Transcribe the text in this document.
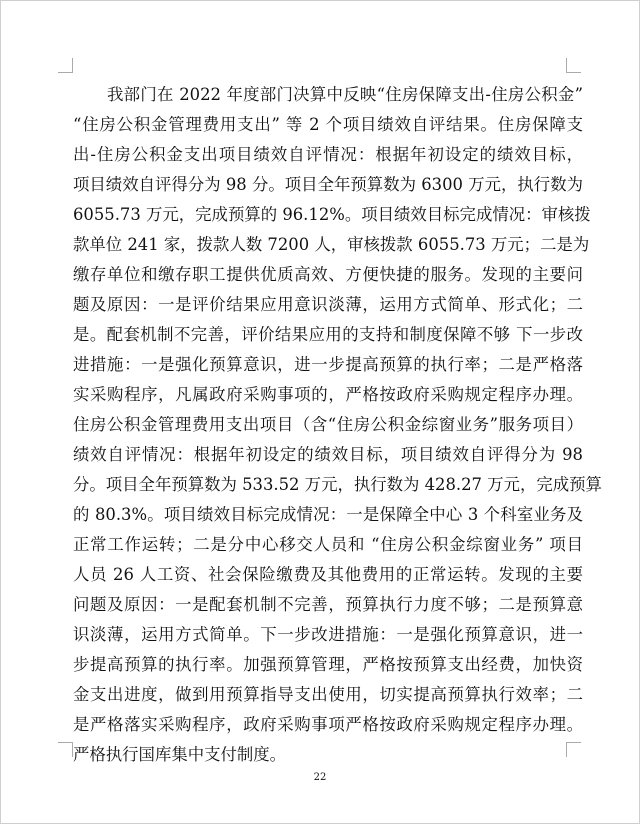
我部门在 2022 年度部门决算中反映“住房保障支出-住房公积金”
“住房公积金管理费用支出” 等 2 个项目绩效自评结果。住房保障支
出-住房公积金支出项目绩效自评情况：根据年初设定的绩效目标，
项目绩效自评得分为 98 分。项目全年预算数为 6300 万元，执行数为
6055.73 万元，完成预算的 96.12%。项目绩效目标完成情况：审核拨
款单位 241 家，拨款人数 7200 人，审核拨款 6055.73 万元；二是为
缴存单位和缴存职工提供优质高效、方便快捷的服务。发现的主要问
题及原因：一是评价结果应用意识淡薄，运用方式简单、形式化；二
是。配套机制不完善，评价结果应用的支持和制度保障不够 下一步改
进措施：一是强化预算意识，进一步提高预算的执行率；二是严格落
实采购程序，凡属政府采购事项的，严格按政府采购规定程序办理。
住房公积金管理费用支出项目（含“住房公积金综窗业务”服务项目）
绩效自评情况：根据年初设定的绩效目标，项目绩效自评得分为 98
分。项目全年预算数为 533.52 万元，执行数为 428.27 万元，完成预算
的 80.3%。项目绩效目标完成情况：一是保障全中心 3 个科室业务及
正常工作运转；二是分中心移交人员和 “住房公积金综窗业务” 项目
人员 26 人工资、社会保险缴费及其他费用的正常运转。发现的主要
问题及原因：一是配套机制不完善，预算执行力度不够；二是预算意
识淡薄，运用方式简单。下一步改进措施：一是强化预算意识，进一
步提高预算的执行率。加强预算管理，严格按预算支出经费，加快资
金支出进度，做到用预算指导支出使用，切实提高预算执行效率；二
是严格落实采购程序，政府采购事项严格按政府采购规定程序办理。
严格执行国库集中支付制度。
22
